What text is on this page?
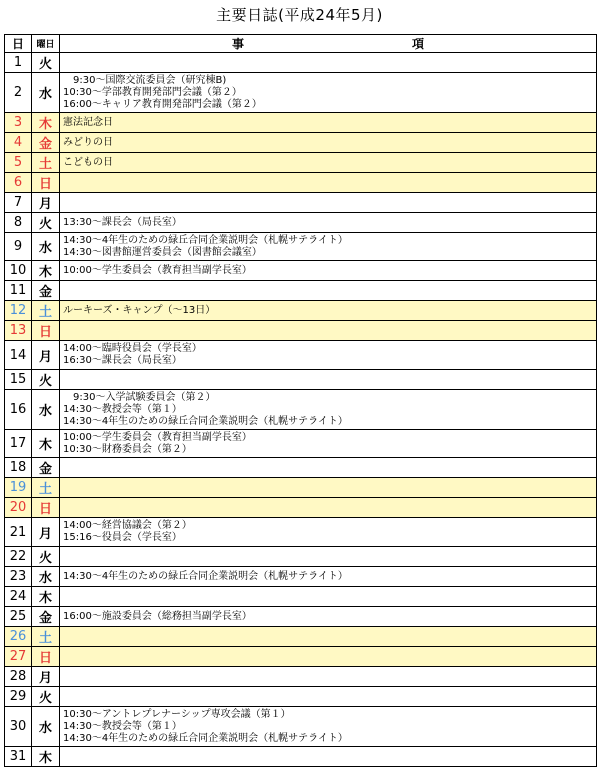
主要日誌(平成24年5月)
日	曜日	事　　　　　　　　　　　　　　項
1	火	
2	水	　9:30～国際交流委員会（研究棟B)
10:30～学部教育開発部門会議（第２）
16:00～キャリア教育開発部門会議（第２）

3	木	憲法記念日

4	金	みどりの日

5	土	こどもの日

6	日	
7	月	
8	火	13:30～課長会（局長室）

9	水	14:30～4年生のための緑丘合同企業説明会（札幌サテライト）
14:30～図書館運営委員会（図書館会議室）

10	木	10:00～学生委員会（教育担当副学長室）

11	金	
12	土	ルーキーズ・キャンプ（～13日）

13	日	
14	月	14:00～臨時役員会（学長室）
16:30～課長会（局長室）

15	火	
16	水	　9:30～入学試験委員会（第２）
14:30～教授会等（第１）
14:30～4年生のための緑丘合同企業説明会（札幌サテライト）

17	木	10:00～学生委員会（教育担当副学長室）
10:30～財務委員会（第２）

18	金	
19	土	
20	日	
21	月	14:00～経営協議会（第２）
15:16～役員会（学長室）

22	火	
23	水	14:30～4年生のための緑丘合同企業説明会（札幌サテライト）

24	木	
25	金	16:00～施設委員会（総務担当副学長室）

26	土	
27	日	
28	月	
29	火	
30	水	10:30～アントレプレナーシップ専攻会議（第１）
14:30～教授会等（第１）
14:30～4年生のための緑丘合同企業説明会（札幌サテライト）

31	木	
